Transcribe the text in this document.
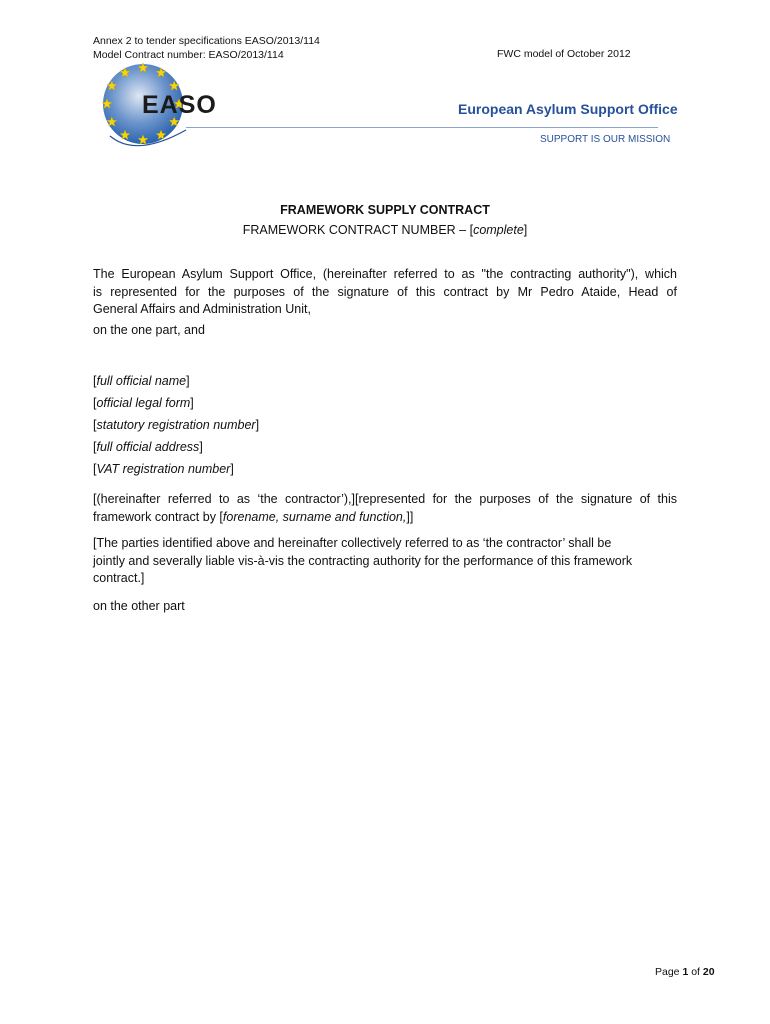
Annex 2 to tender specifications EASO/2013/114
Model Contract number: EASO/2013/114	FWC model of October 2012
EASO	European Asylum Support Office
SUPPORT IS OUR MISSION
FRAMEWORK SUPPLY CONTRACT
FRAMEWORK CONTRACT NUMBER – [complete]
The European Asylum Support Office, (hereinafter referred to as "the contracting authority"), which
is represented for the purposes of the signature of this contract by Mr Pedro Ataide, Head of
General Affairs and Administration Unit,
on the one part, and
[full official name]
[official legal form]
[statutory registration number]
[full official address]
[VAT registration number]
[(hereinafter referred to as ‘the contractor’),][represented for the purposes of the signature of this
framework contract by [forename, surname and function,]]
[The parties identified above and hereinafter collectively referred to as ‘the contractor’ shall be
jointly and severally liable vis-à-vis the contracting authority for the performance of this framework
contract.]
on the other part
Page 1 of 20
